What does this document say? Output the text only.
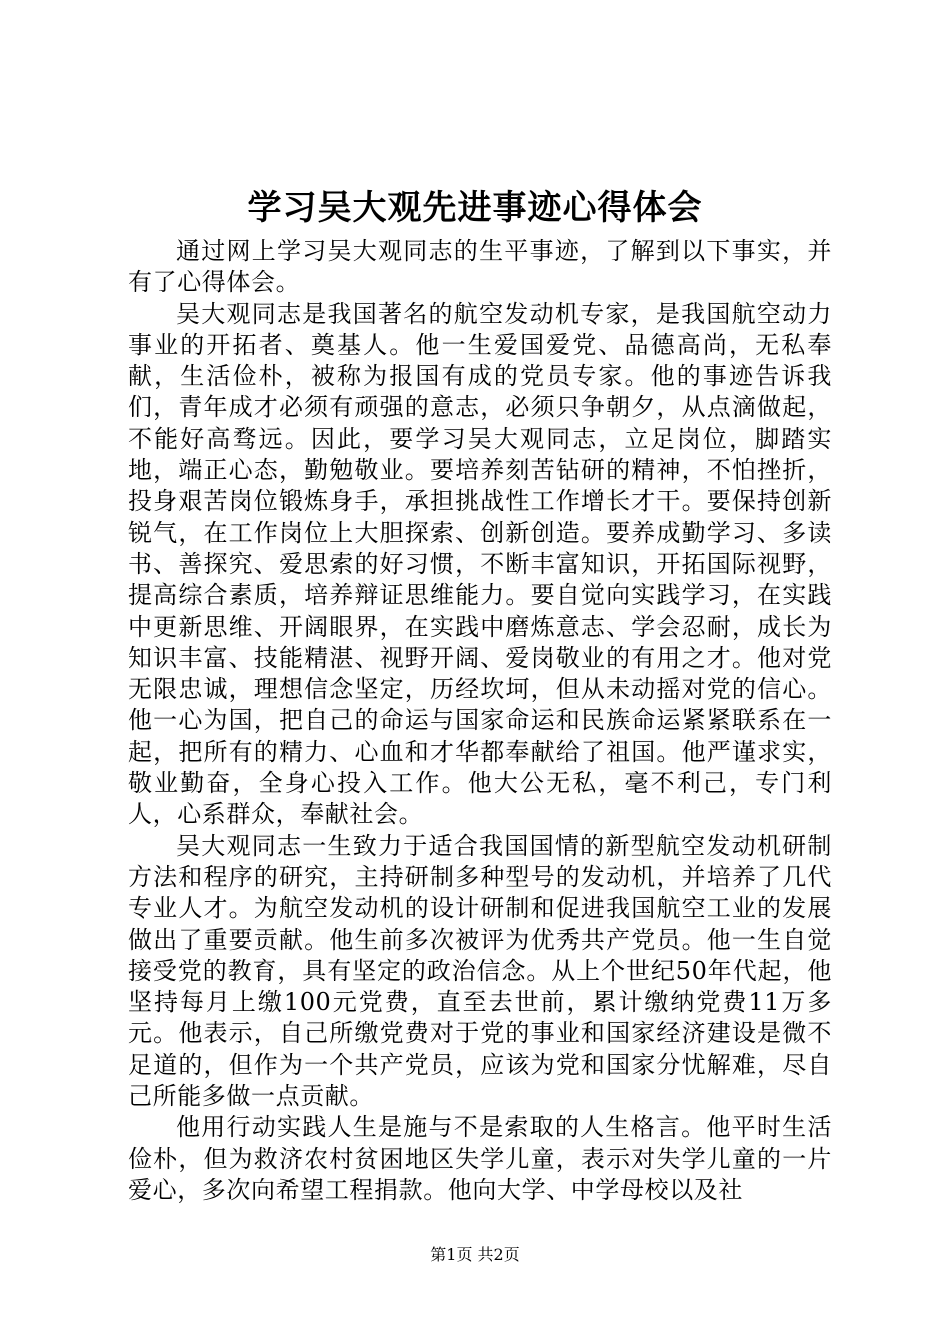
学习吴大观先进事迹心得体会

通过网上学习吴大观同志的生平事迹，了解到以下事实，并有了心得体会。

吴大观同志是我国著名的航空发动机专家，是我国航空动力事业的开拓者、奠基人。他一生爱国爱党、品德高尚，无私奉献，生活俭朴，被称为报国有成的党员专家。他的事迹告诉我们，青年成才必须有顽强的意志，必须只争朝夕，从点滴做起，不能好高骛远。因此，要学习吴大观同志，立足岗位，脚踏实地，端正心态，勤勉敬业。要培养刻苦钻研的精神，不怕挫折，投身艰苦岗位锻炼身手，承担挑战性工作增长才干。要保持创新锐气，在工作岗位上大胆探索、创新创造。要养成勤学习、多读书、善探究、爱思索的好习惯，不断丰富知识，开拓国际视野，提高综合素质，培养辩证思维能力。要自觉向实践学习，在实践中更新思维、开阔眼界，在实践中磨炼意志、学会忍耐，成长为知识丰富、技能精湛、视野开阔、爱岗敬业的有用之才。他对党无限忠诚，理想信念坚定，历经坎坷，但从未动摇对党的信心。他一心为国，把自己的命运与国家命运和民族命运紧紧联系在一起，把所有的精力、心血和才华都奉献给了祖国。他严谨求实，敬业勤奋，全身心投入工作。他大公无私，毫不利己，专门利人，心系群众，奉献社会。

吴大观同志一生致力于适合我国国情的新型航空发动机研制方法和程序的研究，主持研制多种型号的发动机，并培养了几代专业人才。为航空发动机的设计研制和促进我国航空工业的发展做出了重要贡献。他生前多次被评为优秀共产党员。他一生自觉接受党的教育，具有坚定的政治信念。从上个世纪50年代起，他坚持每月上缴100元党费，直至去世前，累计缴纳党费11万多元。他表示，自己所缴党费对于党的事业和国家经济建设是微不足道的，但作为一个共产党员，应该为党和国家分忧解难，尽自己所能多做一点贡献。

他用行动实践人生是施与不是索取的人生格言。他平时生活俭朴，但为救济农村贫困地区失学儿童，表示对失学儿童的一片爱心，多次向希望工程捐款。他向大学、中学母校以及社

第1页 共2页
